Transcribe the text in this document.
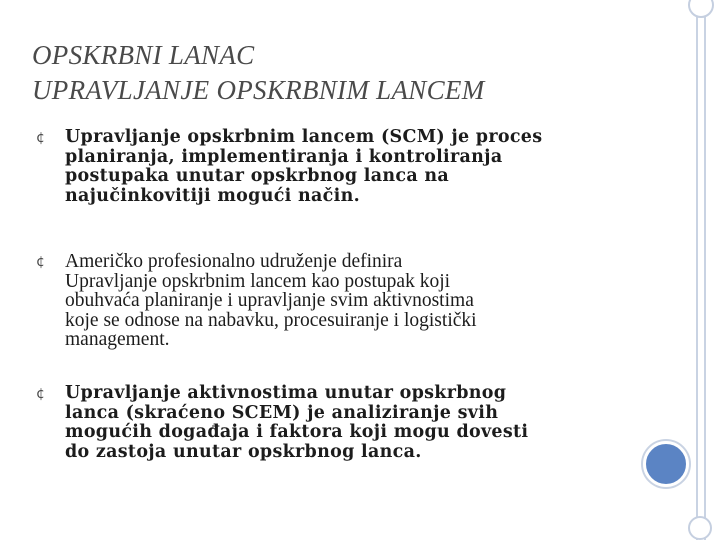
OPSKRBNI LANAC
UPRAVLJANJE OPSKRBNIM LANCEM
¢ Upravljanje opskrbnim lancem (SCM) je proces
planiranja, implementiranja i kontroliranja
postupaka unutar opskrbnog lanca na
najučinkovitiji mogući način.
¢ Američko profesionalno udruženje definira
Upravljanje opskrbnim lancem kao postupak koji
obuhvaća planiranje i upravljanje svim aktivnostima
koje se odnose na nabavku, procesuiranje i logistički
management.
¢ Upravljanje aktivnostima unutar opskrbnog
lanca (skraćeno SCEM) je analiziranje svih
mogućih događaja i faktora koji mogu dovesti
do zastoja unutar opskrbnog lanca.
